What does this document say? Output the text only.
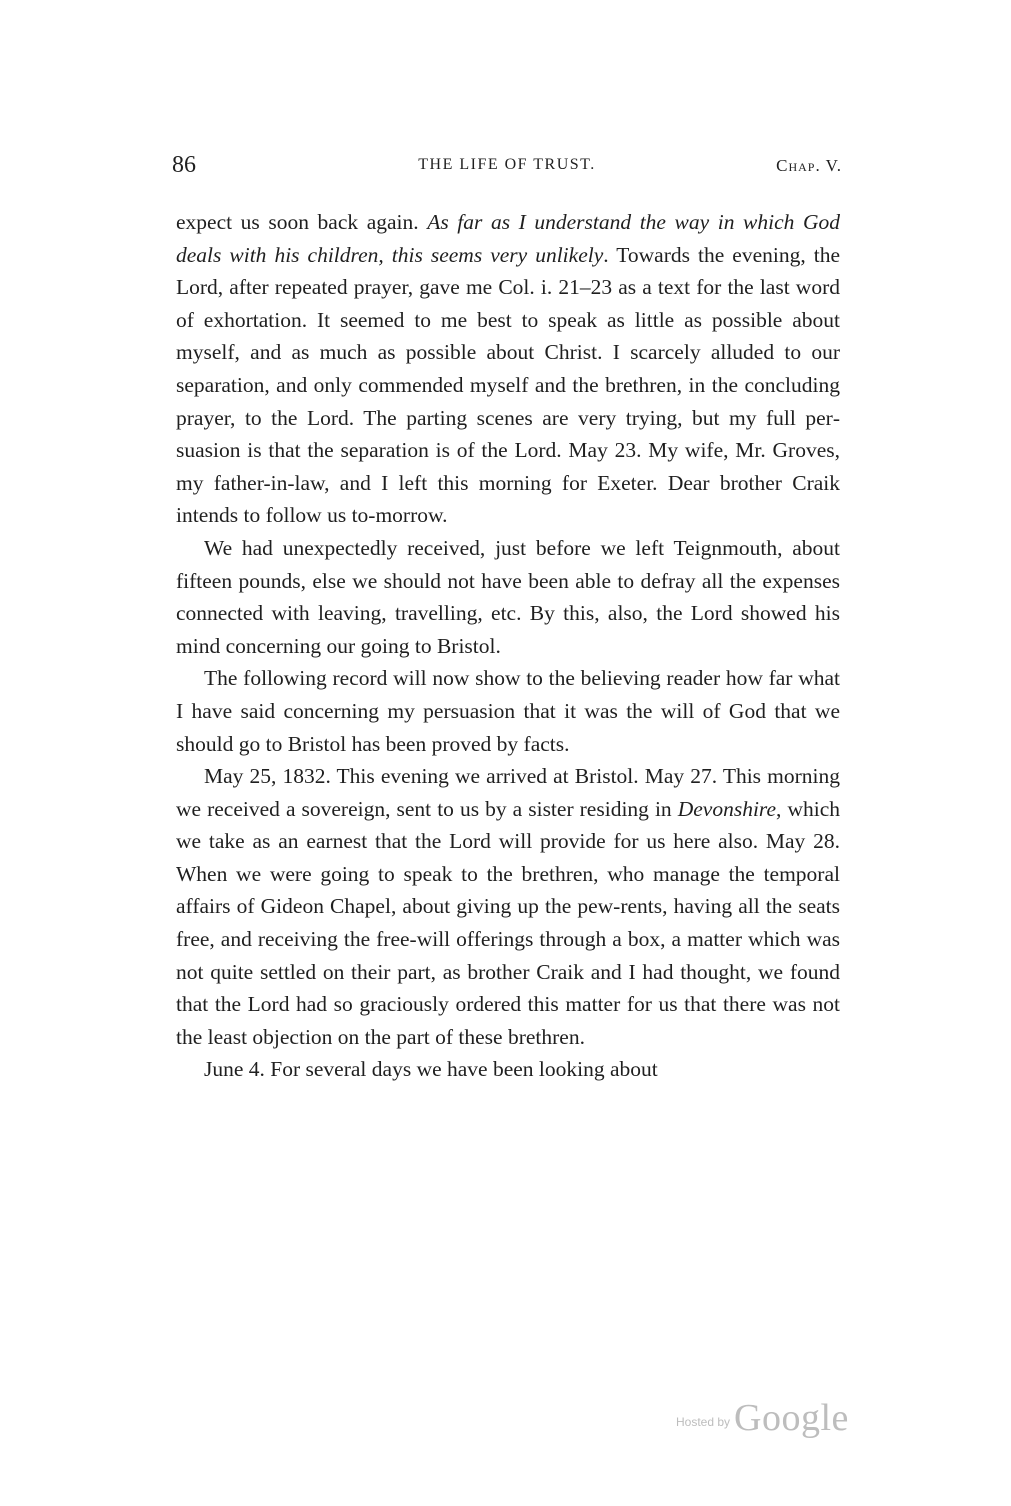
86	THE LIFE OF TRUST.	Chap. V.

expect us soon back again. As far as I understand the way in which God deals with his children, this seems very unlikely. Towards the evening, the Lord, after repeated prayer, gave me Col. i. 21–23 as a text for the last word of exhortation. It seemed to me best to speak as little as possible about myself, and as much as possible about Christ. I scarcely alluded to our separation, and only commended myself and the brethren, in the concluding prayer, to the Lord. The parting scenes are very trying, but my full persuasion is that the separation is of the Lord. May 23. My wife, Mr. Groves, my father-in-law, and I left this morning for Exeter. Dear brother Craik intends to follow us to-morrow.

We had unexpectedly received, just before we left Teignmouth, about fifteen pounds, else we should not have been able to defray all the expenses connected with leaving, travelling, etc. By this, also, the Lord showed his mind concerning our going to Bristol.

The following record will now show to the believing reader how far what I have said concerning my persuasion that it was the will of God that we should go to Bristol has been proved by facts.

May 25, 1832. This evening we arrived at Bristol. May 27. This morning we received a sovereign, sent to us by a sister residing in Devonshire, which we take as an earnest that the Lord will provide for us here also. May 28. When we were going to speak to the brethren, who manage the temporal affairs of Gideon Chapel, about giving up the pew-rents, having all the seats free, and receiving the free-will offerings through a box, a matter which was not quite settled on their part, as brother Craik and I had thought, we found that the Lord had so graciously ordered this matter for us that there was not the least objection on the part of these brethren.

June 4. For several days we have been looking about

$^{Hosted by}$ Google
